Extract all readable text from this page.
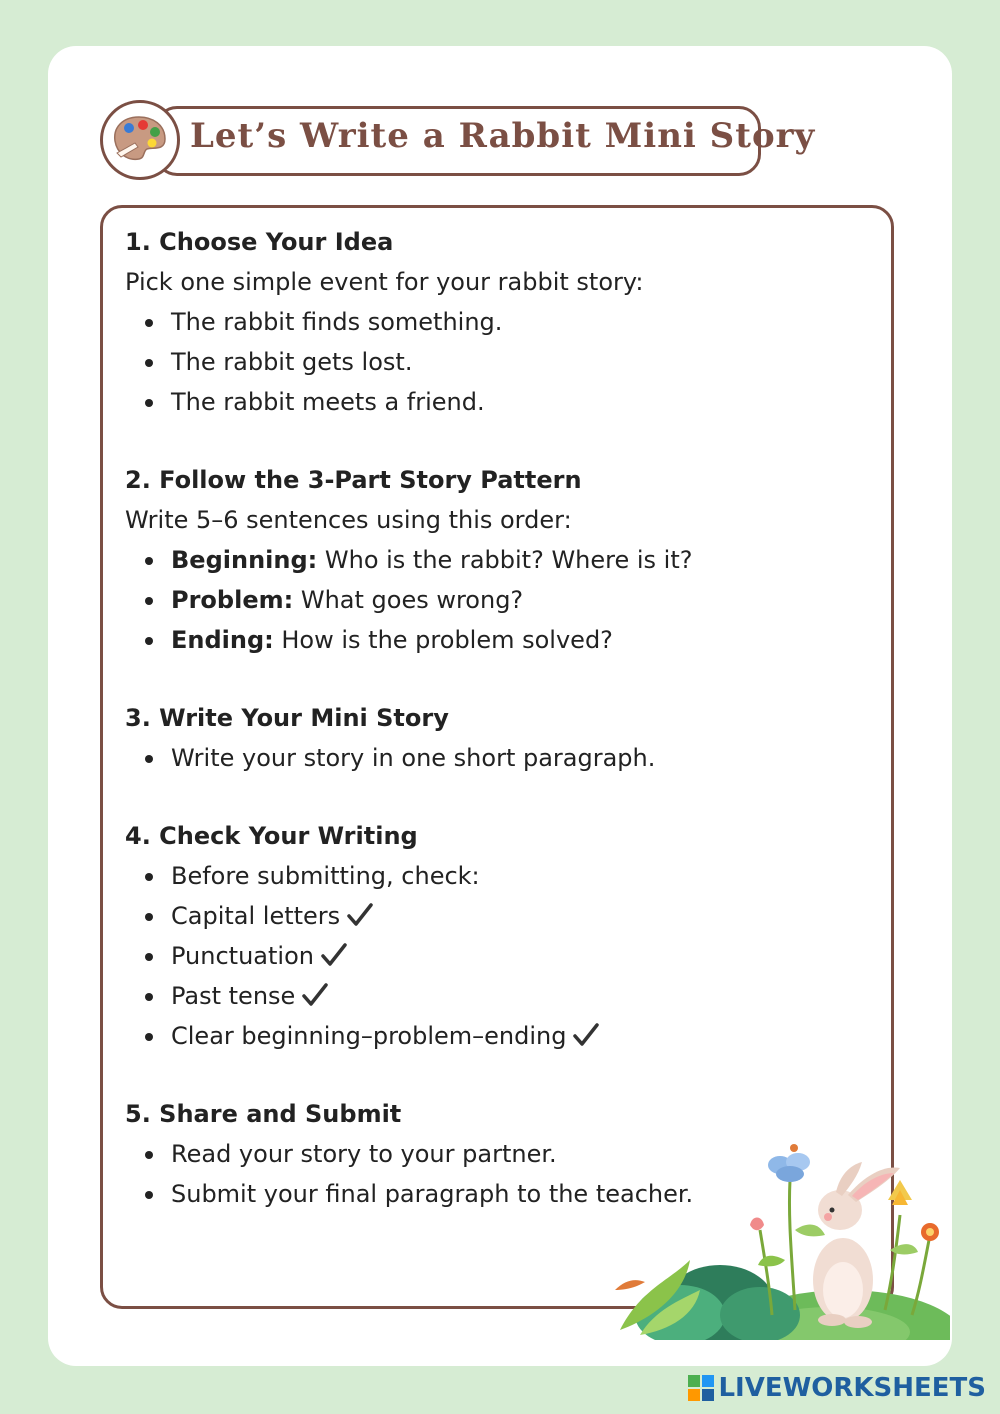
Let’s Write a Rabbit Mini Story

1. Choose Your Idea

Pick one simple event for your rabbit story:

The rabbit finds something.
The rabbit gets lost.
The rabbit meets a friend.

2. Follow the 3-Part Story Pattern

Write 5–6 sentences using this order:

Beginning: Who is the rabbit? Where is it?
Problem: What goes wrong?
Ending: How is the problem solved?

3. Write Your Mini Story

Write your story in one short paragraph.

4. Check Your Writing

Before submitting, check:
Capital letters
Punctuation
Past tense
Clear beginning–problem–ending

5. Share and Submit

Read your story to your partner.
Submit your final paragraph to the teacher.
LIVEWORKSHEETS
